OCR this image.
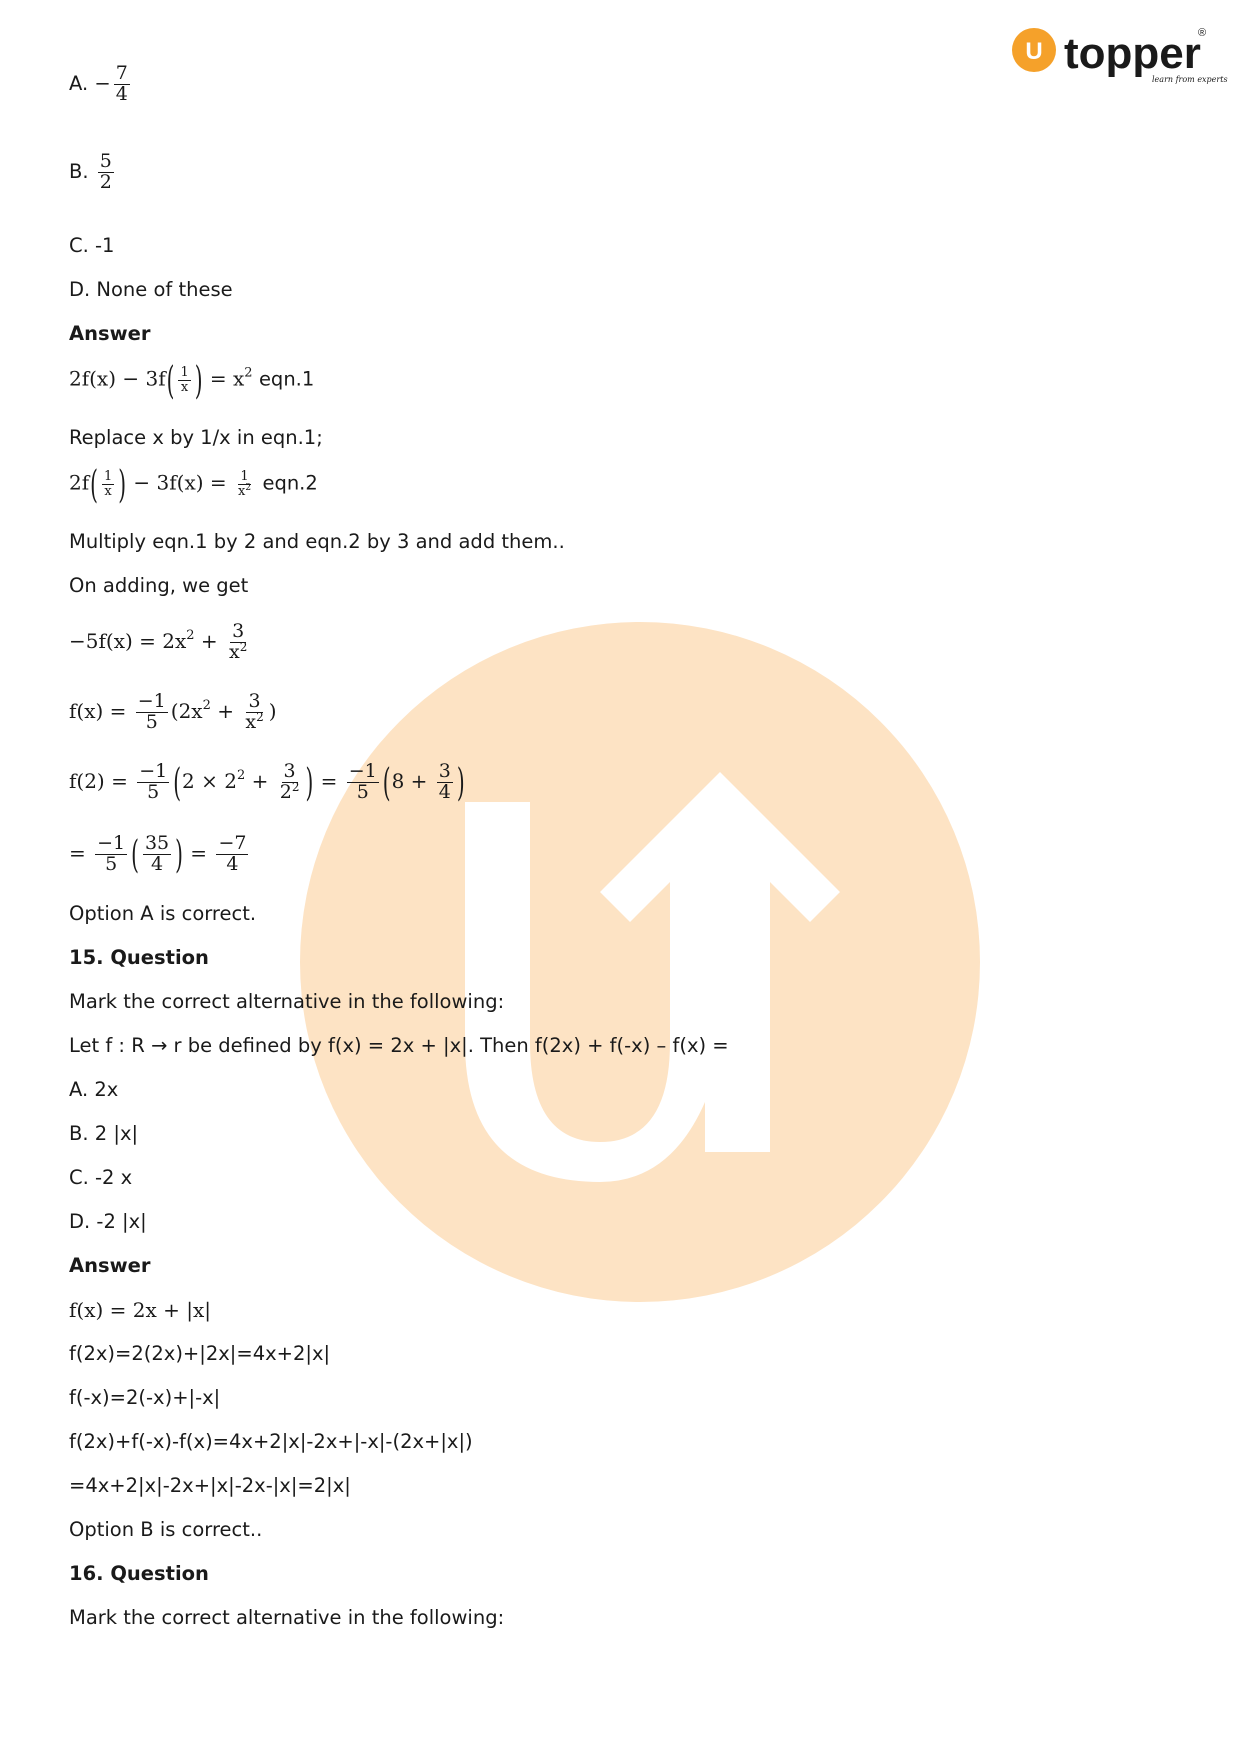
U topper
®
learn from experts
A. − $\frac{7}{4}$
B. $\frac{5}{2}$
C. -1
D. None of these
Answer
$2f(x) - 3f( \frac{1}{x}$ ) = $x^2$ eqn.1
Replace x by 1/x in eqn.1;
$2f( \frac{1}{x}$ ) − $3f(x) = \frac{1}{x^2} eqn.2$
Multiply eqn.1 by 2 and eqn.2 by 3 and add them..
On adding, we get
$-5f(x) = 2x^2 + \frac{3}{x^2}$
$f(x) = \frac{-1}{5} (2x^2 + \frac{3}{x^2}$ )
$f(2) = \frac{-1}{5} (2 \times 2^2 + \frac{3}{2^2}$ ) = $\frac{-1}{5} (8 + \frac{3}{4}$ )
= $\frac{-1}{5}$ ( $\frac{35}{4}$ ) = $\frac{-7}{4}$
Option A is correct.
15. Question
Mark the correct alternative in the following:
Let f : R → r be defined by f(x) = 2x + |x|. Then f(2x) + f(-x) – f(x) =
A. 2x
B. 2 |x|
C. -2 x
D. -2 |x|
Answer
f(x) = 2x + |x|
f(2x)=2(2x)+|2x|=4x+2|x|
f(-x)=2(-x)+|-x|
f(2x)+f(-x)-f(x)=4x+2|x|-2x+|-x|-(2x+|x|)
=4x+2|x|-2x+|x|-2x-|x|=2|x|
Option B is correct..
16. Question
Mark the correct alternative in the following:
